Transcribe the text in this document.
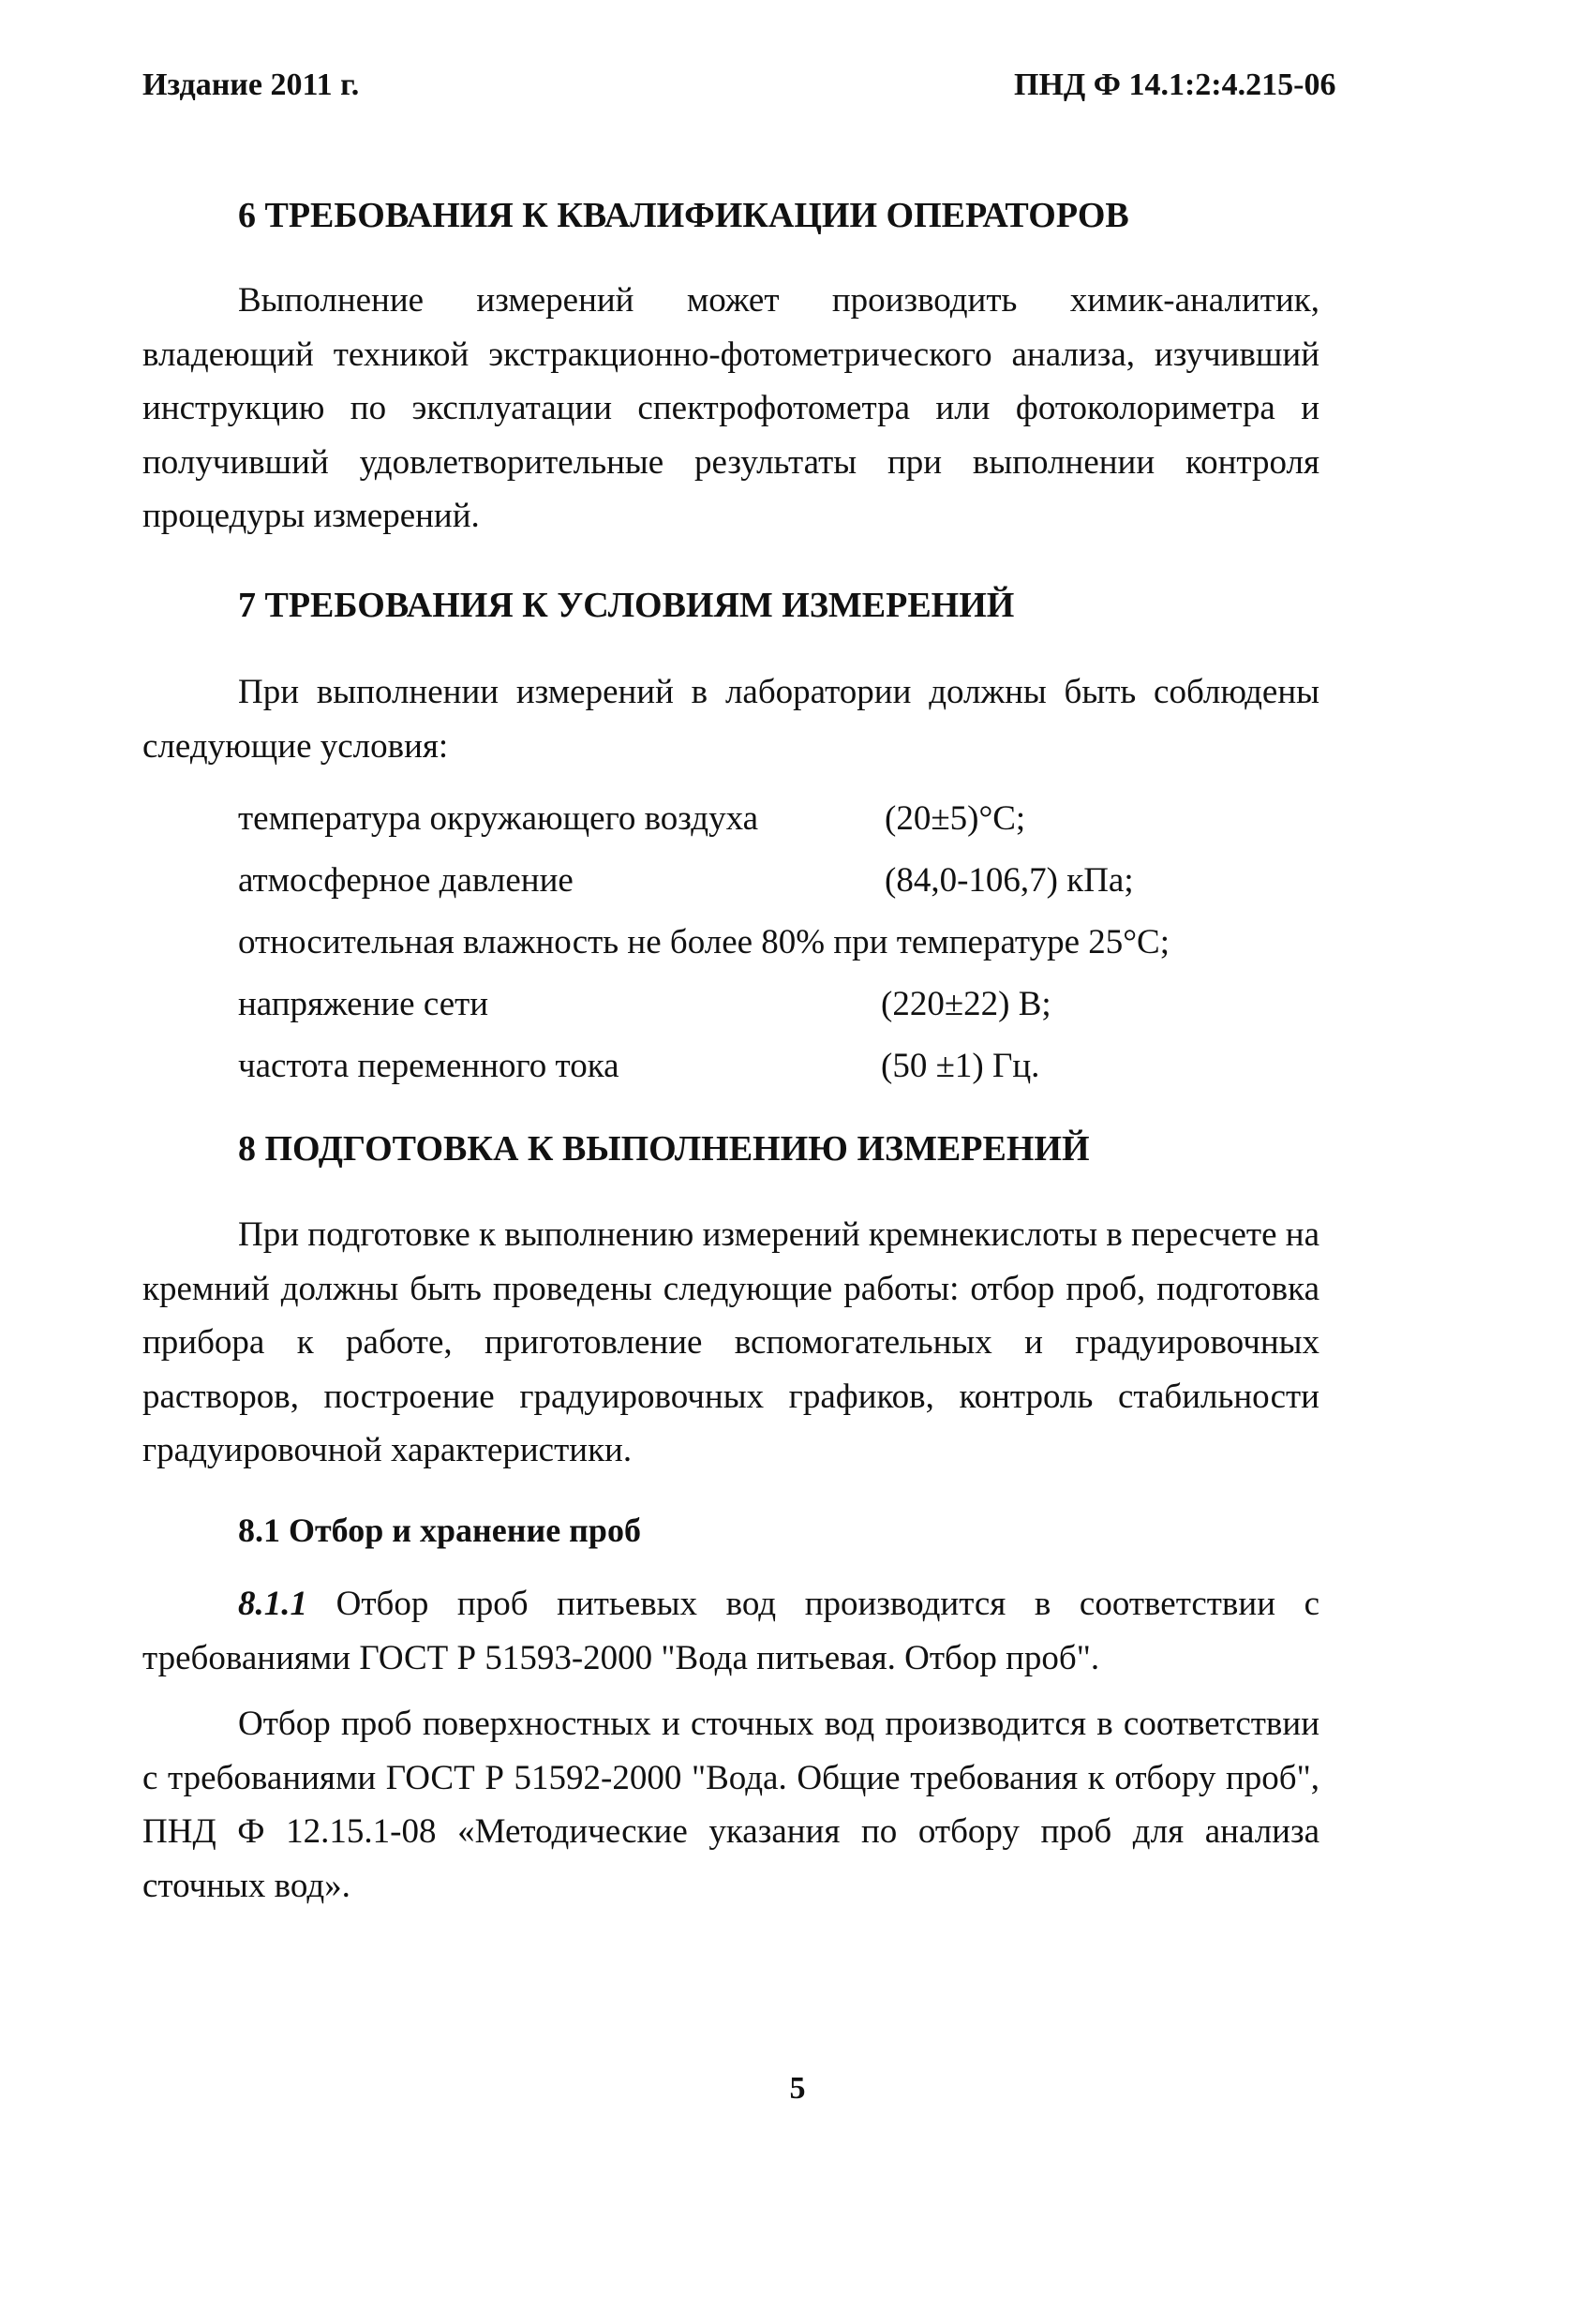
Издание 2011 г.	ПНД Ф 14.1:2:4.215-06
6 ТРЕБОВАНИЯ К КВАЛИФИКАЦИИ ОПЕРАТОРОВ

Выполнение измерений может производить химик-аналитик, владеющий техникой экстракционно-фотометрического анализа, изучивший инструкцию по эксплуатации спектрофотометра или фотоколориметра и получивший удовлетворительные результаты при выполнении контроля процедуры измерений.

7 ТРЕБОВАНИЯ К УСЛОВИЯМ ИЗМЕРЕНИЙ

При выполнении измерений в лаборатории должны быть соблюдены следующие условия:

температура окружающего воздуха	(20±5)°С;
атмосферное давление	(84,0-106,7) кПа;
относительная влажность не более 80% при температуре 25°С;
напряжение сети	(220±22) В;
частота переменного тока	(50 ±1) Гц.
8 ПОДГОТОВКА К ВЫПОЛНЕНИЮ ИЗМЕРЕНИЙ

При подготовке к выполнению измерений кремнекислоты в пересчете на кремний должны быть проведены следующие работы: отбор проб, подготовка прибора к работе, приготовление вспомогательных и градуировочных растворов, построение градуировочных графиков, контроль стабильности градуировочной характеристики.

8.1 Отбор и хранение проб

8.1.1 Отбор проб питьевых вод производится в соответствии с требованиями ГОСТ Р 51593-2000 "Вода питьевая. Отбор проб".

Отбор проб поверхностных и сточных вод производится в соответствии с требованиями ГОСТ Р 51592-2000 "Вода. Общие требования к отбору проб", ПНД Ф 12.15.1-08 «Методические указания по отбору проб для анализа сточных вод».

5
